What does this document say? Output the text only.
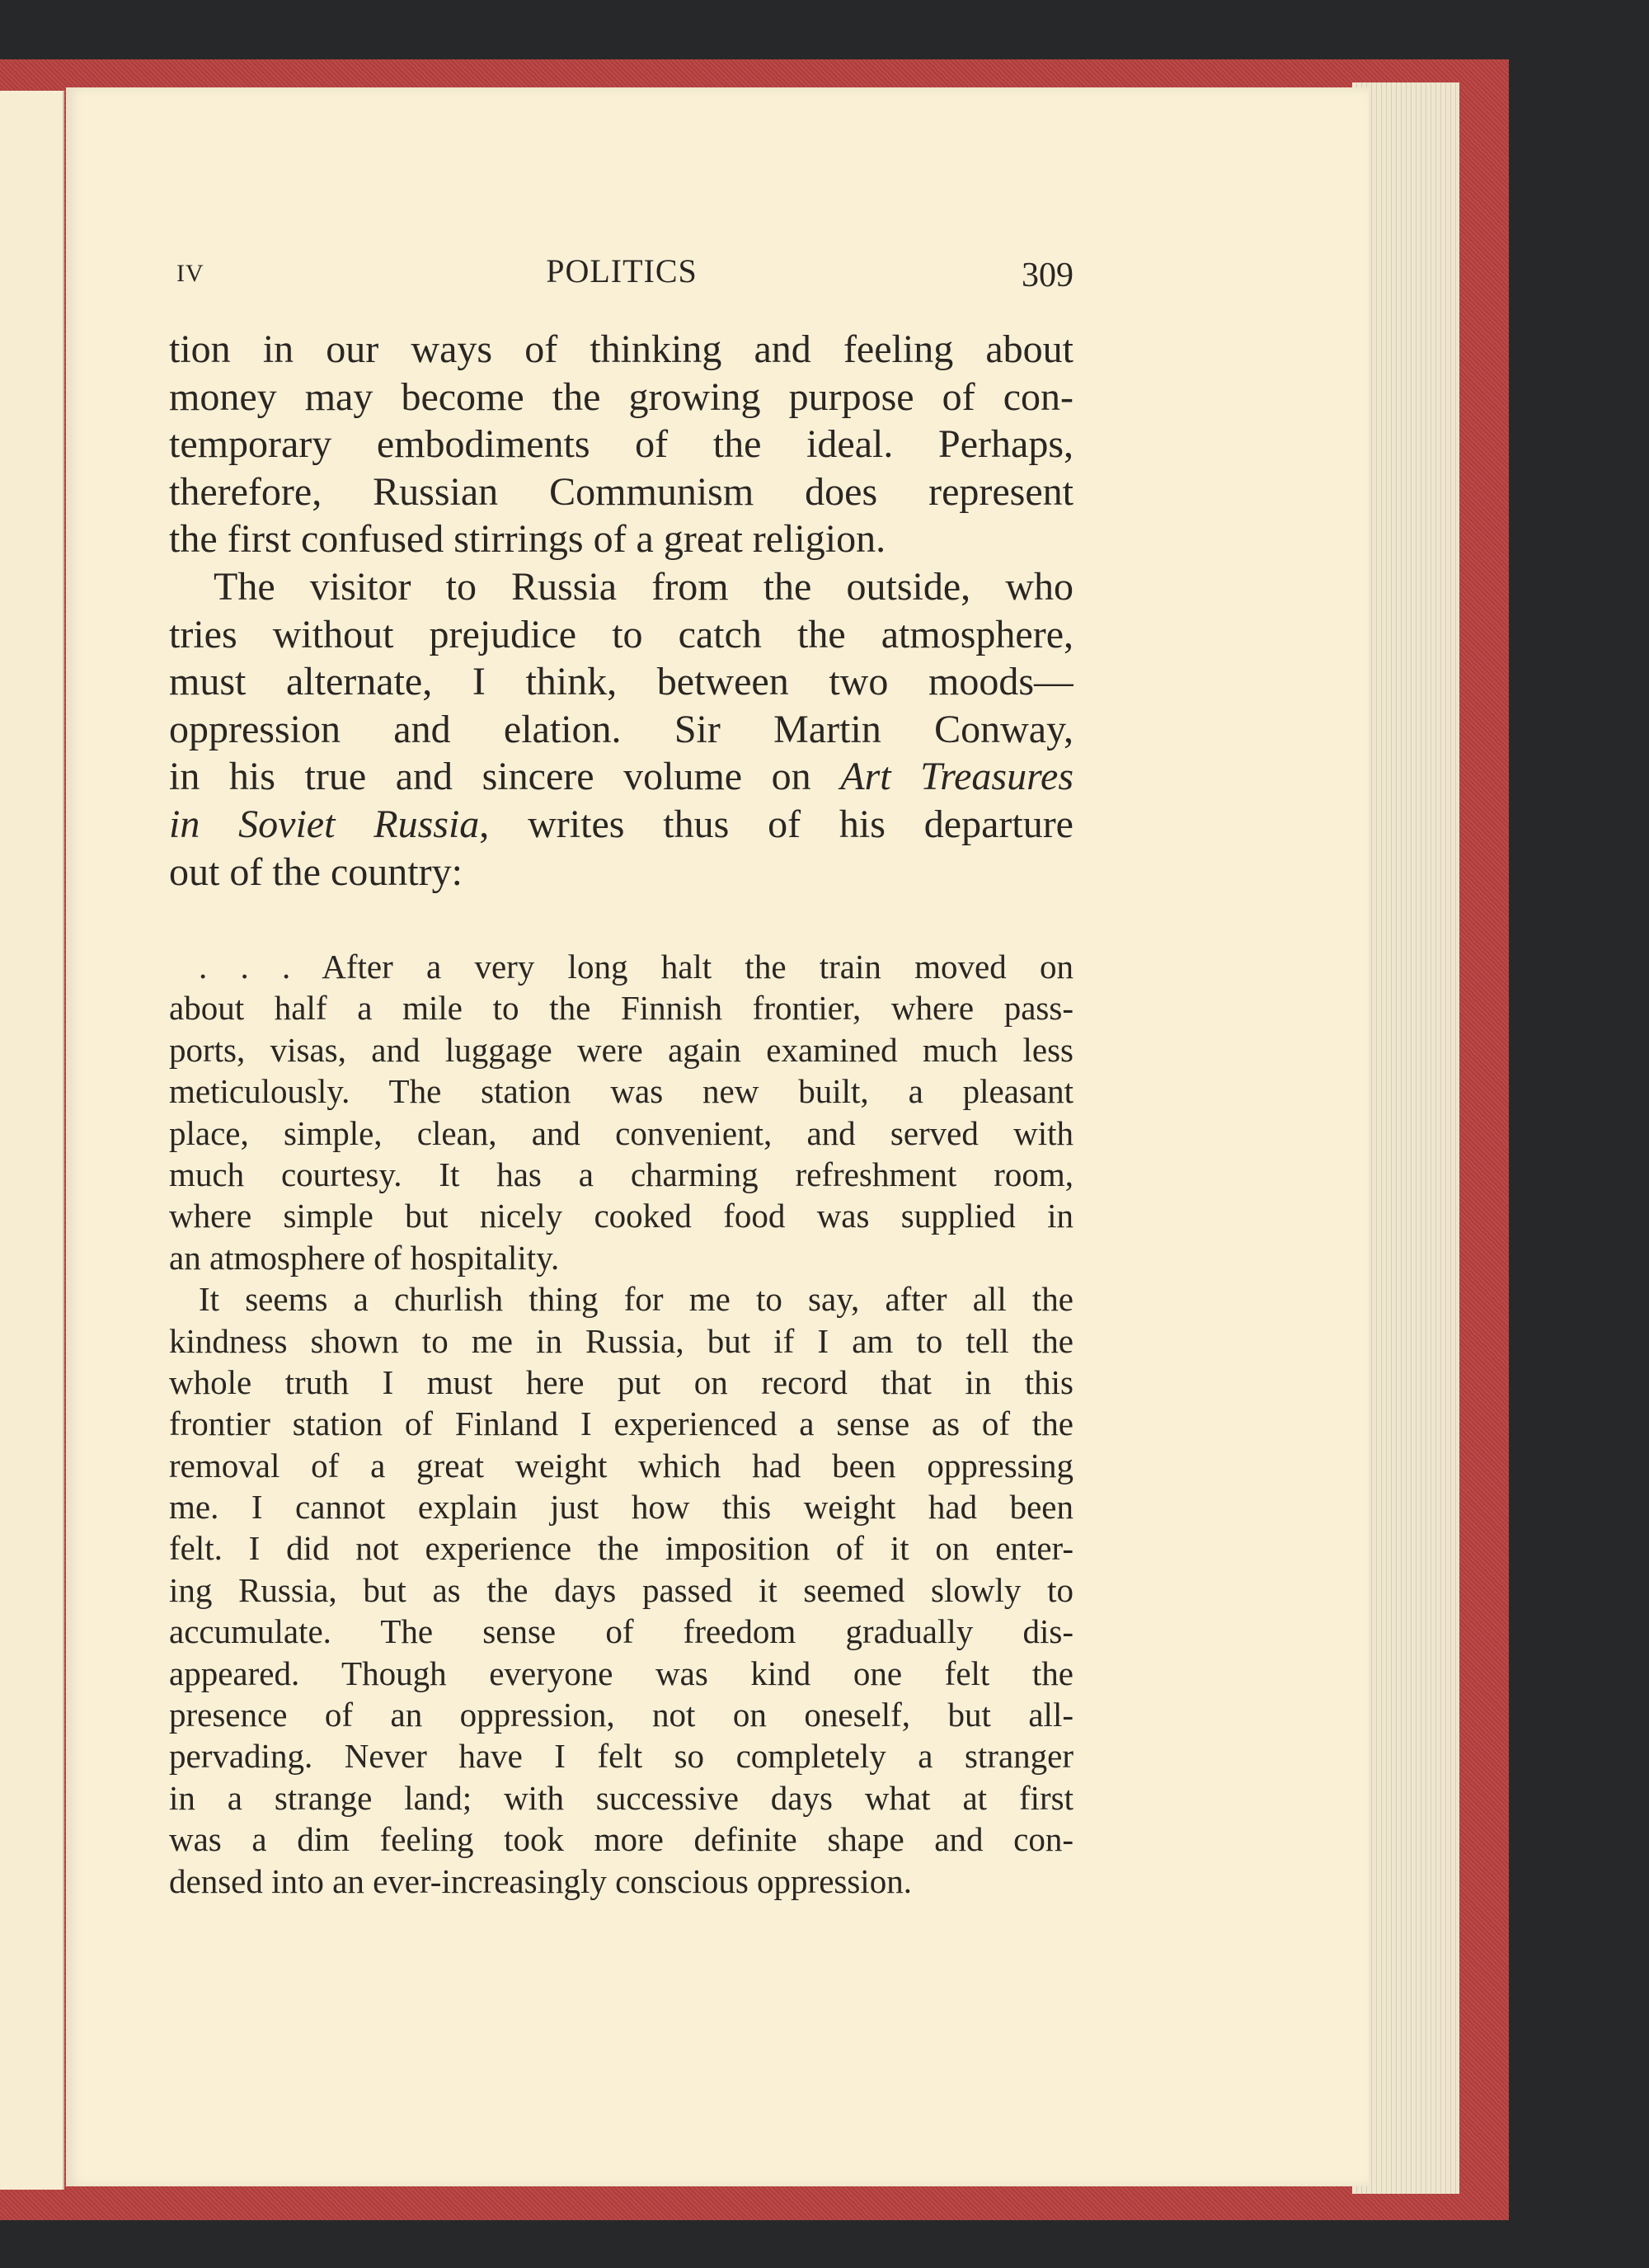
IV	POLITICS	309
tion in our ways of thinking and feeling about
money may become the growing purpose of con-
temporary embodiments of the ideal. Perhaps,
therefore, Russian Communism does represent
the first confused stirrings of a great religion.
The visitor to Russia from the outside, who
tries without prejudice to catch the atmosphere,
must alternate, I think, between two moods—
oppression and elation. Sir Martin Conway,
in his true and sincere volume on Art Treasures
in Soviet Russia, writes thus of his departure
out of the country:
. . . After a very long halt the train moved on
about half a mile to the Finnish frontier, where pass-
ports, visas, and luggage were again examined much less
meticulously. The station was new built, a pleasant
place, simple, clean, and convenient, and served with
much courtesy. It has a charming refreshment room,
where simple but nicely cooked food was supplied in
an atmosphere of hospitality.
It seems a churlish thing for me to say, after all the
kindness shown to me in Russia, but if I am to tell the
whole truth I must here put on record that in this
frontier station of Finland I experienced a sense as of the
removal of a great weight which had been oppressing
me. I cannot explain just how this weight had been
felt. I did not experience the imposition of it on enter-
ing Russia, but as the days passed it seemed slowly to
accumulate. The sense of freedom gradually dis-
appeared. Though everyone was kind one felt the
presence of an oppression, not on oneself, but all-
pervading. Never have I felt so completely a stranger
in a strange land; with successive days what at first
was a dim feeling took more definite shape and con-
densed into an ever-increasingly conscious oppression.
